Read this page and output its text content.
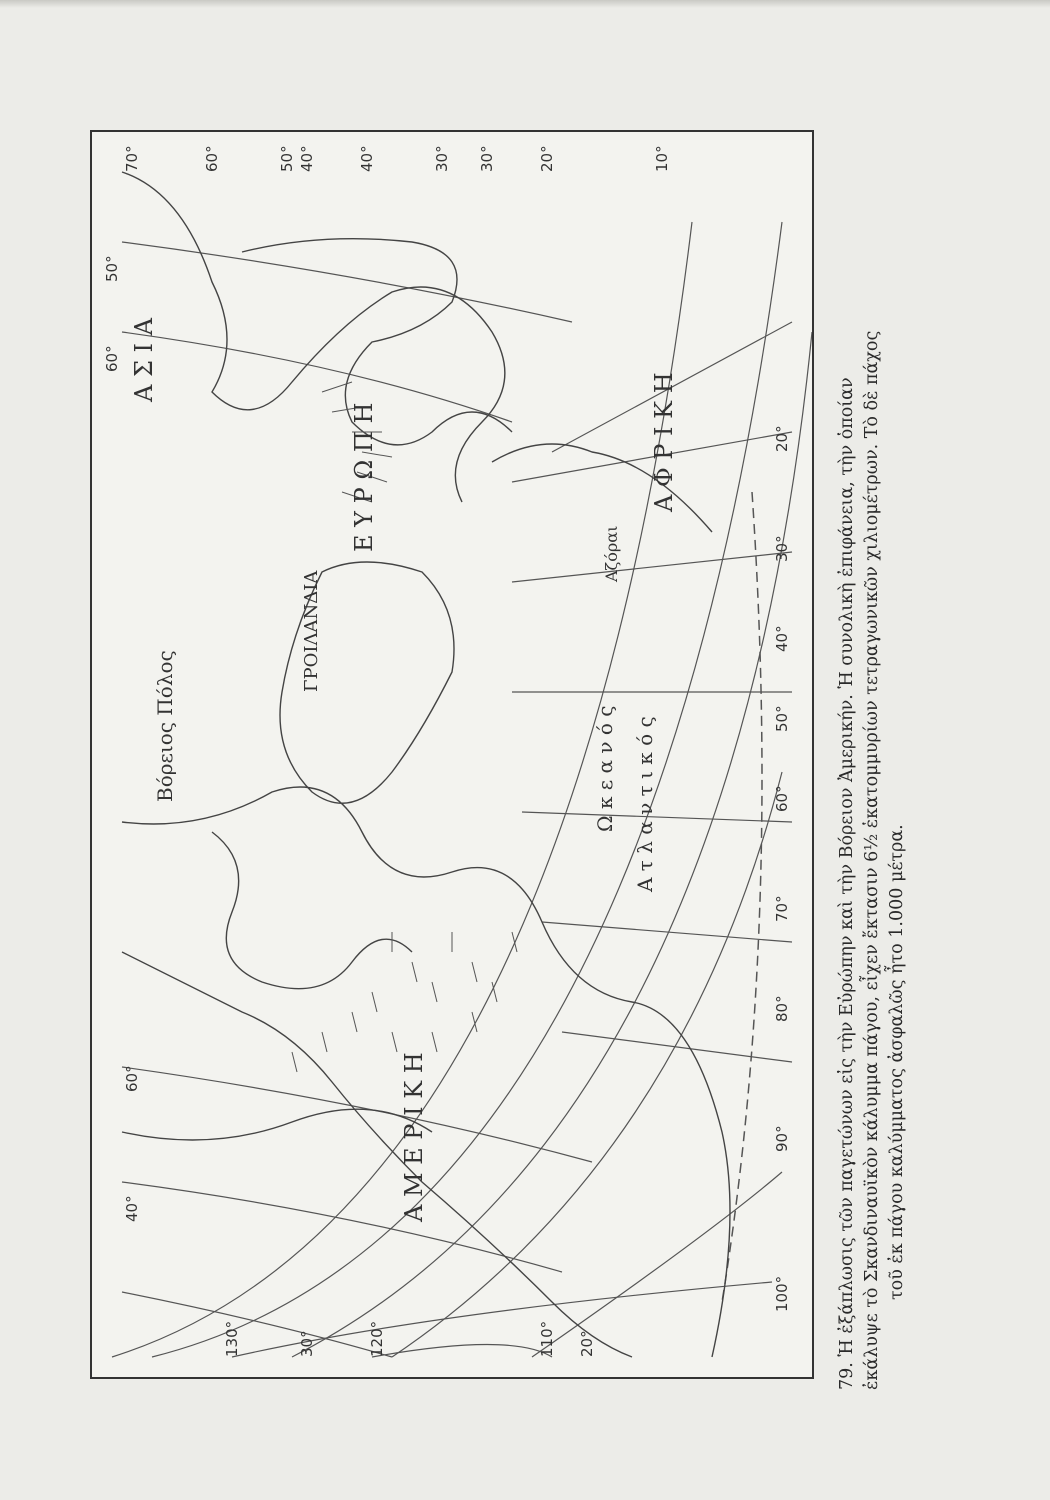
Α Σ Ι Α
Ε Υ Ρ Ω Π Η	Α Φ Ρ Ι Κ Η
Α Μ Ε Ρ Ι Κ Η
Βόρειος Πόλος
ΓΡΟΙΛΑΝΔΙΑ
Αζόραι
Α τ λ α ν τ ι κ ό ς
Ω κ ε α ν ό ς
70°	60°	50° 40°	40°	30° 30°	20°	10°
60°
40°
30°	20°
50°
60°
20°
30°
40°
50°
60°
70°
80°
90°
100°
110°
120°
130°	79. Ἡ ἐξάπλωσις τῶν παγετώνων εἰς τὴν Εὐρώπην καὶ τὴν Βόρειον Ἀμερικήν. Ἡ συνολικὴ ἐπιφάνεια, τὴν ὁποίαν ἐκάλυψε τὸ Σκανδιναυϊκὸν κάλυμμα πάγου, εἶχεν ἔκτασιν 6½ ἑκατομμυρίων τετραγωνικῶν χιλιομέτρων. Τὸ δὲ πάχος τοῦ ἐκ πάγου καλύμματος ἀσφαλῶς ἦτο 1.000 μέτρα.
